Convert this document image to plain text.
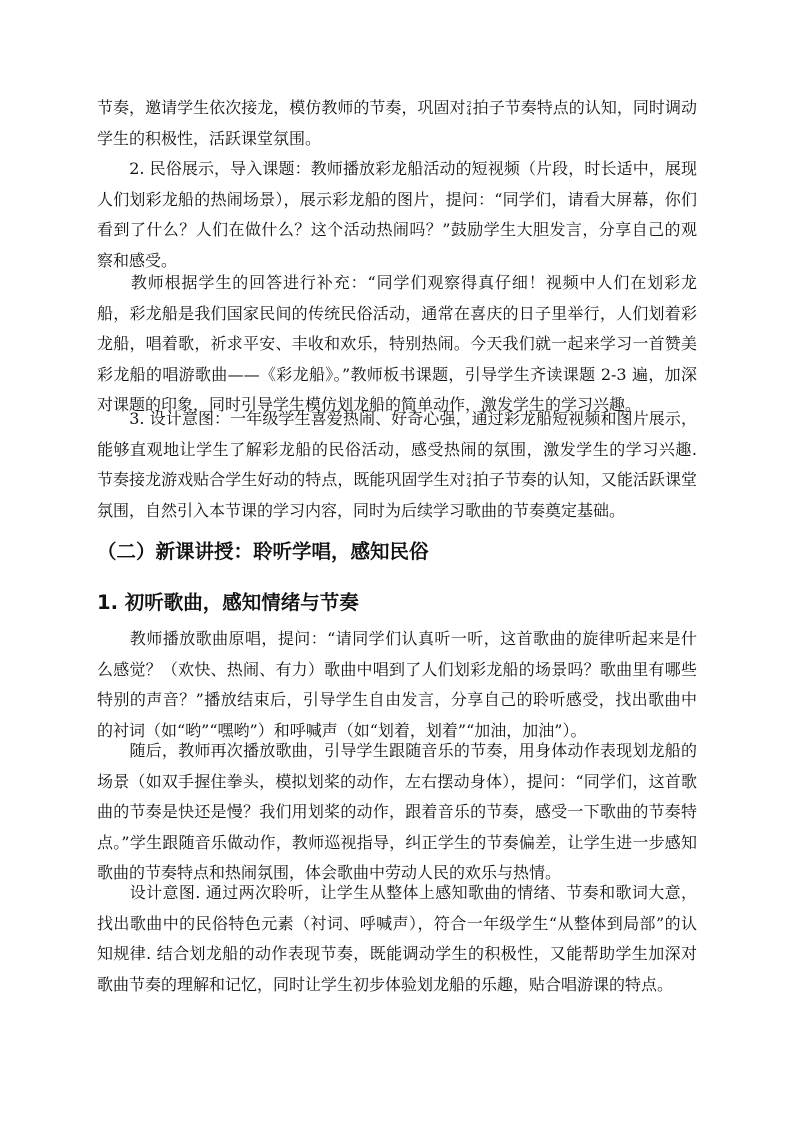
节奏，邀请学生依次接龙，模仿教师的节奏，巩固对 2
4 拍子节奏特点的认知，同时调动学生的积极性，活跃课堂氛围。

　　2. 民俗展示，导入课题：教师播放彩龙船活动的短视频（片段，时长适中，展现人们划彩龙船的热闹场景），展示彩龙船的图片，提问：“同学们，请看大屏幕，你们看到了什么？人们在做什么？这个活动热闹吗？”鼓励学生大胆发言，分享自己的观察和感受。

　　教师根据学生的回答进行补充：“同学们观察得真仔细！视频中人们在划彩龙船，彩龙船是我们国家民间的传统民俗活动，通常在喜庆的日子里举行，人们划着彩龙船，唱着歌，祈求平安、丰收和欢乐，特别热闹。今天我们就一起来学习一首赞美彩龙船的唱游歌曲——《彩龙船》。”教师板书课题，引导学生齐读课题 2-3 遍，加深对课题的印象，同时引导学生模仿划龙船的简单动作，激发学生的学习兴趣。

　　3. 设计意图：一年级学生喜爱热闹、好奇心强，通过彩龙船短视频和图片展示，能够直观地让学生了解彩龙船的民俗活动，感受热闹的氛围，激发学生的学习兴趣. 节奏接龙游戏贴合学生好动的特点，既能巩固学生对 2
4 拍子节奏的认知，又能活跃课堂氛围，自然引入本节课的学习内容，同时为后续学习歌曲的节奏奠定基础。

（二）新课讲授：聆听学唱，感知民俗
1. 初听歌曲，感知情绪与节奏

　　教师播放歌曲原唱，提问：“请同学们认真听一听，这首歌曲的旋律听起来是什么感觉？（欢快、热闹、有力）歌曲中唱到了人们划彩龙船的场景吗？歌曲里有哪些特别的声音？”播放结束后，引导学生自由发言，分享自己的聆听感受，找出歌曲中的衬词（如“哟”“嘿哟”）和呼喊声（如“划着，划着”“加油，加油”）。

　　随后，教师再次播放歌曲，引导学生跟随音乐的节奏，用身体动作表现划龙船的场景（如双手握住拳头，模拟划桨的动作，左右摆动身体），提问：“同学们，这首歌曲的节奏是快还是慢？我们用划桨的动作，跟着音乐的节奏，感受一下歌曲的节奏特点。”学生跟随音乐做动作，教师巡视指导，纠正学生的节奏偏差，让学生进一步感知歌曲的节奏特点和热闹氛围，体会歌曲中劳动人民的欢乐与热情。

　　设计意图. 通过两次聆听，让学生从整体上感知歌曲的情绪、节奏和歌词大意，找出歌曲中的民俗特色元素（衬词、呼喊声），符合一年级学生“从整体到局部”的认知规律. 结合划龙船的动作表现节奏，既能调动学生的积极性，又能帮助学生加深对歌曲节奏的理解和记忆，同时让学生初步体验划龙船的乐趣，贴合唱游课的特点。
